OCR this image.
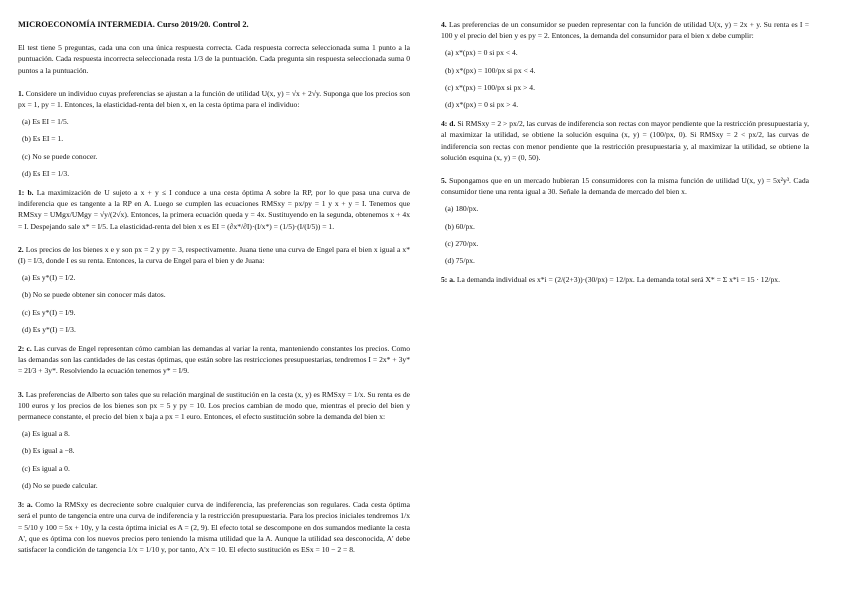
MICROECONOMÍA INTERMEDIA. Curso 2019/20. Control 2.
El test tiene 5 preguntas, cada una con una única respuesta correcta. Cada respuesta correcta seleccionada suma 1 punto a la puntuación. Cada respuesta incorrecta seleccionada resta 1/3 de la puntuación. Cada pregunta sin respuesta seleccionada suma 0 puntos a la puntuación.
1. Considere un individuo cuyas preferencias se ajustan a la función de utilidad U(x, y) = √x + 2√y. Suponga que los precios son px = 1, py = 1. Entonces, la elasticidad-renta del bien x, en la cesta óptima para el individuo:
(a) Es EI = 1/5.
(b) Es EI = 1.
(c) No se puede conocer.
(d) Es EI = 1/3.
1: b. La maximización de U sujeto a x + y ≤ I conduce a una cesta óptima A sobre la RP, por lo que pasa una curva de indiferencia que es tangente a la RP en A. Luego se cumplen las ecuaciones RMSxy = px/py = 1 y x + y = I. Tenemos que RMSxy = UMgx/UMgy = √y/(2√x). Entonces, la primera ecuación queda y = 4x. Sustituyendo en la segunda, obtenemos x + 4x = I. Despejando sale x* = I/5. La elasticidad-renta del bien x es EI = (∂x*/∂I)·(I/x*) = (1/5)·(I/(I/5)) = 1.
2. Los precios de los bienes x e y son px = 2 y py = 3, respectivamente. Juana tiene una curva de Engel para el bien x igual a x*(I) = I/3, donde I es su renta. Entonces, la curva de Engel para el bien y de Juana:
(a) Es y*(I) = I/2.
(b) No se puede obtener sin conocer más datos.
(c) Es y*(I) = I/9.
(d) Es y*(I) = I/3.
2: c. Las curvas de Engel representan cómo cambian las demandas al variar la renta, manteniendo constantes los precios. Como las demandas son las cantidades de las cestas óptimas, que están sobre las restricciones presupuestarias, tendremos I = 2x* + 3y* = 2I/3 + 3y*. Resolviendo la ecuación tenemos y* = I/9.
3. Las preferencias de Alberto son tales que su relación marginal de sustitución en la cesta (x, y) es RMSxy = 1/x. Su renta es de 100 euros y los precios de los bienes son px = 5 y py = 10. Los precios cambian de modo que, mientras el precio del bien y permanece constante, el precio del bien x baja a px = 1 euro. Entonces, el efecto sustitución sobre la demanda del bien x:
(a) Es igual a 8.
(b) Es igual a −8.
(c) Es igual a 0.
(d) No se puede calcular.
3: a. Como la RMSxy es decreciente sobre cualquier curva de indiferencia, las preferencias son regulares. Cada cesta óptima será el punto de tangencia entre una curva de indiferencia y la restricción presupuestaria. Para los precios iniciales tendremos 1/x = 5/10 y 100 = 5x + 10y, y la cesta óptima inicial es A = (2, 9). El efecto total se descompone en dos sumandos mediante la cesta A', que es óptima con los nuevos precios pero teniendo la misma utilidad que la A. Aunque la utilidad sea desconocida, A' debe satisfacer la condición de tangencia 1/x = 1/10 y, por tanto, A'x = 10. El efecto sustitución es ESx = 10 − 2 = 8.
4. Las preferencias de un consumidor se pueden representar con la función de utilidad U(x, y) = 2x + y. Su renta es I = 100 y el precio del bien y es py = 2. Entonces, la demanda del consumidor para el bien x debe cumplir:
(a) x*(px) = 0 si px < 4.
(b) x*(px) = 100/px si px < 4.
(c) x*(px) = 100/px si px > 4.
(d) x*(px) = 0 si px > 4.
4: d. Si RMSxy = 2 > px/2, las curvas de indiferencia son rectas con mayor pendiente que la restricción presupuestaria y, al maximizar la utilidad, se obtiene la solución esquina (x, y) = (100/px, 0). Si RMSxy = 2 < px/2, las curvas de indiferencia son rectas con menor pendiente que la restricción presupuestaria y, al maximizar la utilidad, se obtiene la solución esquina (x, y) = (0, 50).
5. Supongamos que en un mercado hubieran 15 consumidores con la misma función de utilidad U(x, y) = 5x²y³. Cada consumidor tiene una renta igual a 30. Señale la demanda de mercado del bien x.
(a) 180/px.
(b) 60/px.
(c) 270/px.
(d) 75/px.
5: a. La demanda individual es x*i = (2/(2+3))·(30/px) = 12/px. La demanda total será X* = Σ x*i = 15 · 12/px.
